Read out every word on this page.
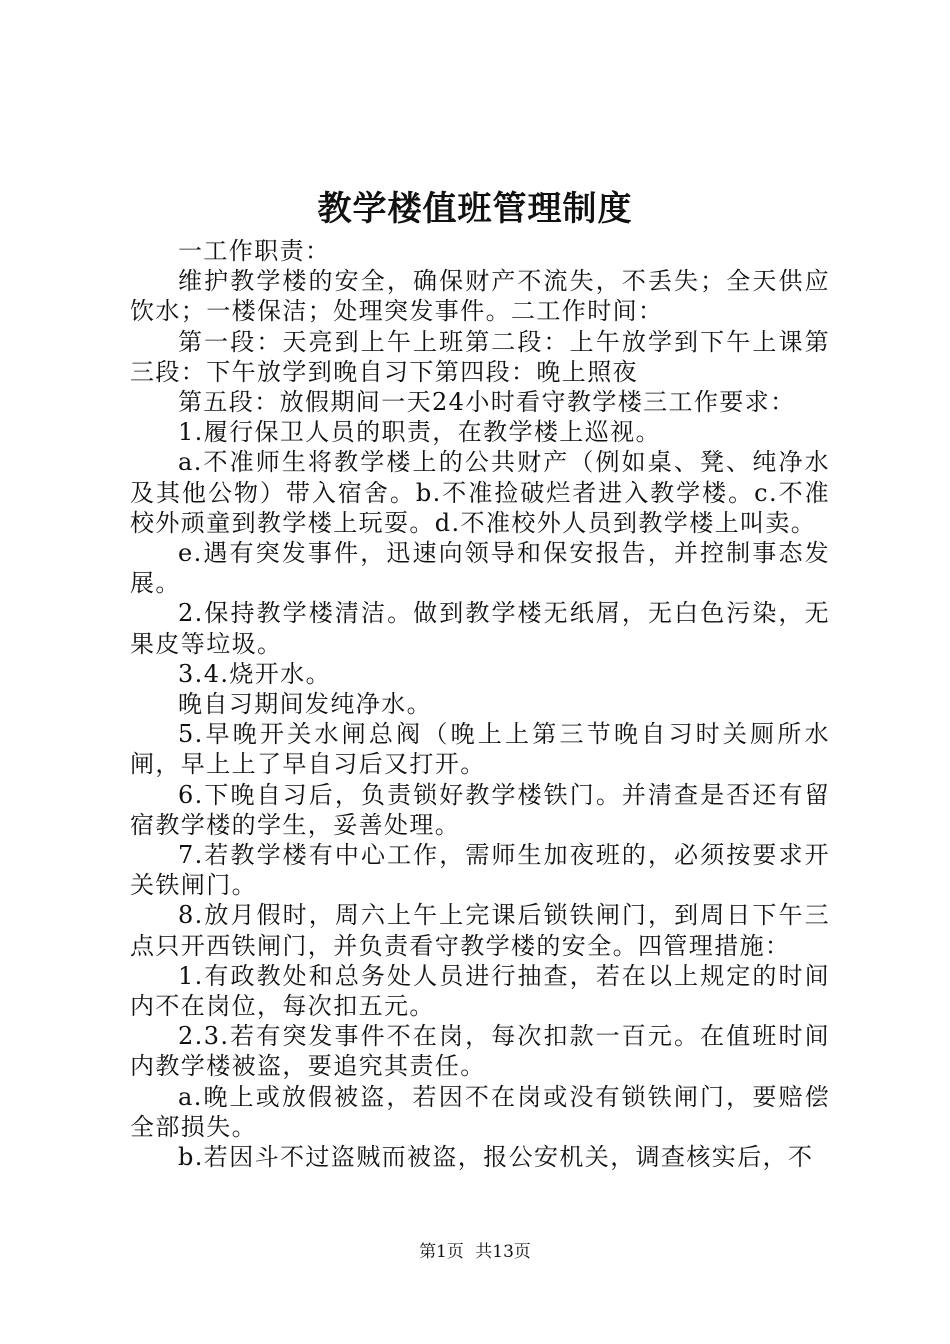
教学楼值班管理制度

一工作职责：

维护教学楼的安全，确保财产不流失，不丢失；全天供应饮水；一楼保洁；处理突发事件。二工作时间：

第一段：天亮到上午上班第二段：上午放学到下午上课第三段：下午放学到晚自习下第四段：晚上照夜

第五段：放假期间一天24小时看守教学楼三工作要求：

1.履行保卫人员的职责，在教学楼上巡视。

a.不准师生将教学楼上的公共财产（例如桌、凳、纯净水及其他公物）带入宿舍。b.不准捡破烂者进入教学楼。c.不准校外顽童到教学楼上玩耍。d.不准校外人员到教学楼上叫卖。

e.遇有突发事件，迅速向领导和保安报告，并控制事态发展。

2.保持教学楼清洁。做到教学楼无纸屑，无白色污染，无果皮等垃圾。

3.4.烧开水。

晚自习期间发纯净水。

5.早晚开关水闸总阀（晚上上第三节晚自习时关厕所水闸，早上上了早自习后又打开。

6.下晚自习后，负责锁好教学楼铁门。并清查是否还有留宿教学楼的学生，妥善处理。

7.若教学楼有中心工作，需师生加夜班的，必须按要求开关铁闸门。

8.放月假时，周六上午上完课后锁铁闸门，到周日下午三点只开西铁闸门，并负责看守教学楼的安全。四管理措施：

1.有政教处和总务处人员进行抽查，若在以上规定的时间内不在岗位，每次扣五元。

2.3.若有突发事件不在岗，每次扣款一百元。在值班时间内教学楼被盗，要追究其责任。

a.晚上或放假被盗，若因不在岗或没有锁铁闸门，要赔偿全部损失。

b.若因斗不过盗贼而被盗，报公安机关，调查核实后，不

第1页 共13页
